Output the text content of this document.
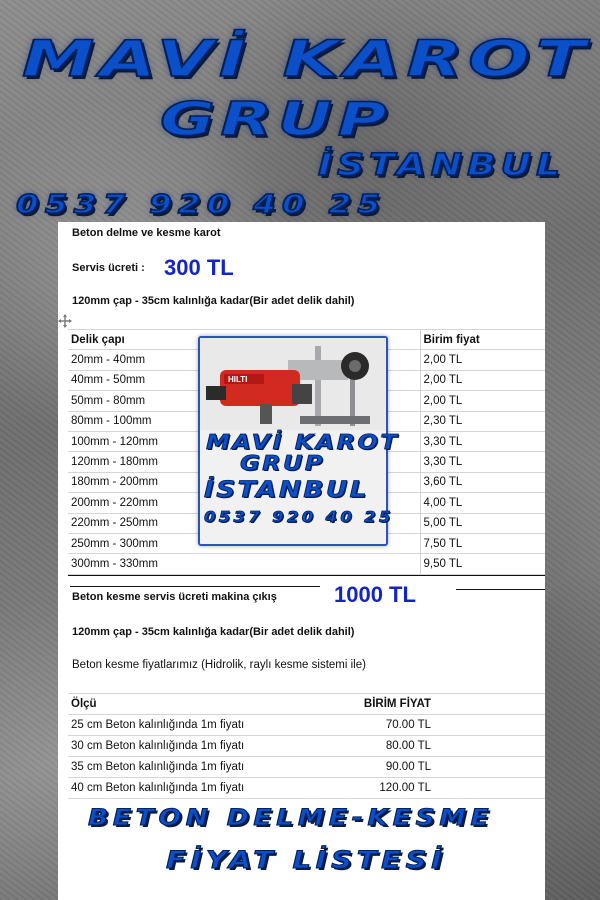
MAVİ KAROT
GRUP
İSTANBUL
0537 920 40 25
Beton delme ve kesme karot
Servis ücreti : 300 TL
120mm çap - 35cm kalınlığa kadar(Bir adet delik dahil)
Delik çapı	Birim fiyat
20mm - 40mm	2,00 TL
40mm - 50mm	2,00 TL
50mm - 80mm	2,00 TL
80mm - 100mm	2,30 TL
100mm - 120mm	3,30 TL
120mm - 180mm	3,30 TL
180mm - 200mm	3,60 TL
200mm - 220mm	4,00 TL
220mm - 250mm	5,00 TL
250mm - 300mm	7,50 TL
300mm - 330mm	9,50 TL
HILTI
MAVİ KAROT
GRUP
İSTANBUL
0537 920 40 25
Beton kesme servis ücreti makina çıkış	1000 TL
120mm çap - 35cm kalınlığa kadar(Bir adet delik dahil)
Beton kesme fiyatlarımız (Hidrolik, raylı kesme sistemi ile)
Ölçü	BİRİM FİYAT	
25 cm Beton kalınlığında 1m fiyatı	70.00 TL	
30 cm Beton kalınlığında 1m fiyatı	80.00 TL	
35 cm Beton kalınlığında 1m fiyatı	90.00 TL	
40 cm Beton kalınlığında 1m fiyatı	120.00 TL	
BETON DELME-KESME
FİYAT LİSTESİ
